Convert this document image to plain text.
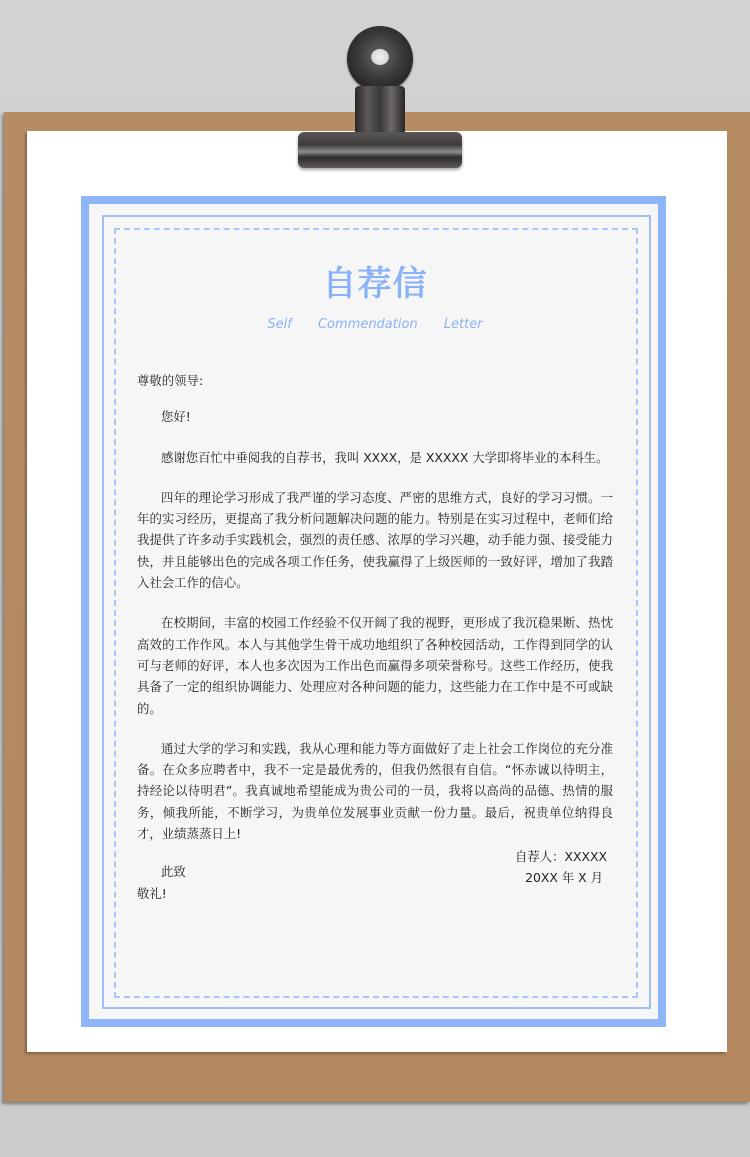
自荐信
Self Commendation Letter

尊敬的领导:

您好!

感谢您百忙中垂阅我的自荐书，我叫 XXXX，是 XXXXX 大学即将毕业的本科生。

四年的理论学习形成了我严谨的学习态度、严密的思维方式，良好的学习习惯。一年的实习经历，更提高了我分析问题解决问题的能力。特别是在实习过程中，老师们给我提供了许多动手实践机会，强烈的责任感、浓厚的学习兴趣，动手能力强、接受能力快，并且能够出色的完成各项工作任务，使我赢得了上级医师的一致好评，增加了我踏入社会工作的信心。

在校期间，丰富的校园工作经验不仅开阔了我的视野，更形成了我沉稳果断、热忱高效的工作作风。本人与其他学生骨干成功地组织了各种校园活动，工作得到同学的认可与老师的好评，本人也多次因为工作出色而赢得多项荣誉称号。这些工作经历，使我具备了一定的组织协调能力、处理应对各种问题的能力，这些能力在工作中是不可或缺的。

通过大学的学习和实践，我从心理和能力等方面做好了走上社会工作岗位的充分准备。在众多应聘者中，我不一定是最优秀的，但我仍然很有自信。“怀赤诚以待明主，持经论以待明君”。我真诚地希望能成为贵公司的一员，我将以高尚的品德、热情的服务，倾我所能，不断学习，为贵单位发展事业贡献一份力量。最后，祝贵单位纳得良才，业绩蒸蒸日上!

此致

敬礼!

自荐人：XXXXX
20XX 年 X 月
